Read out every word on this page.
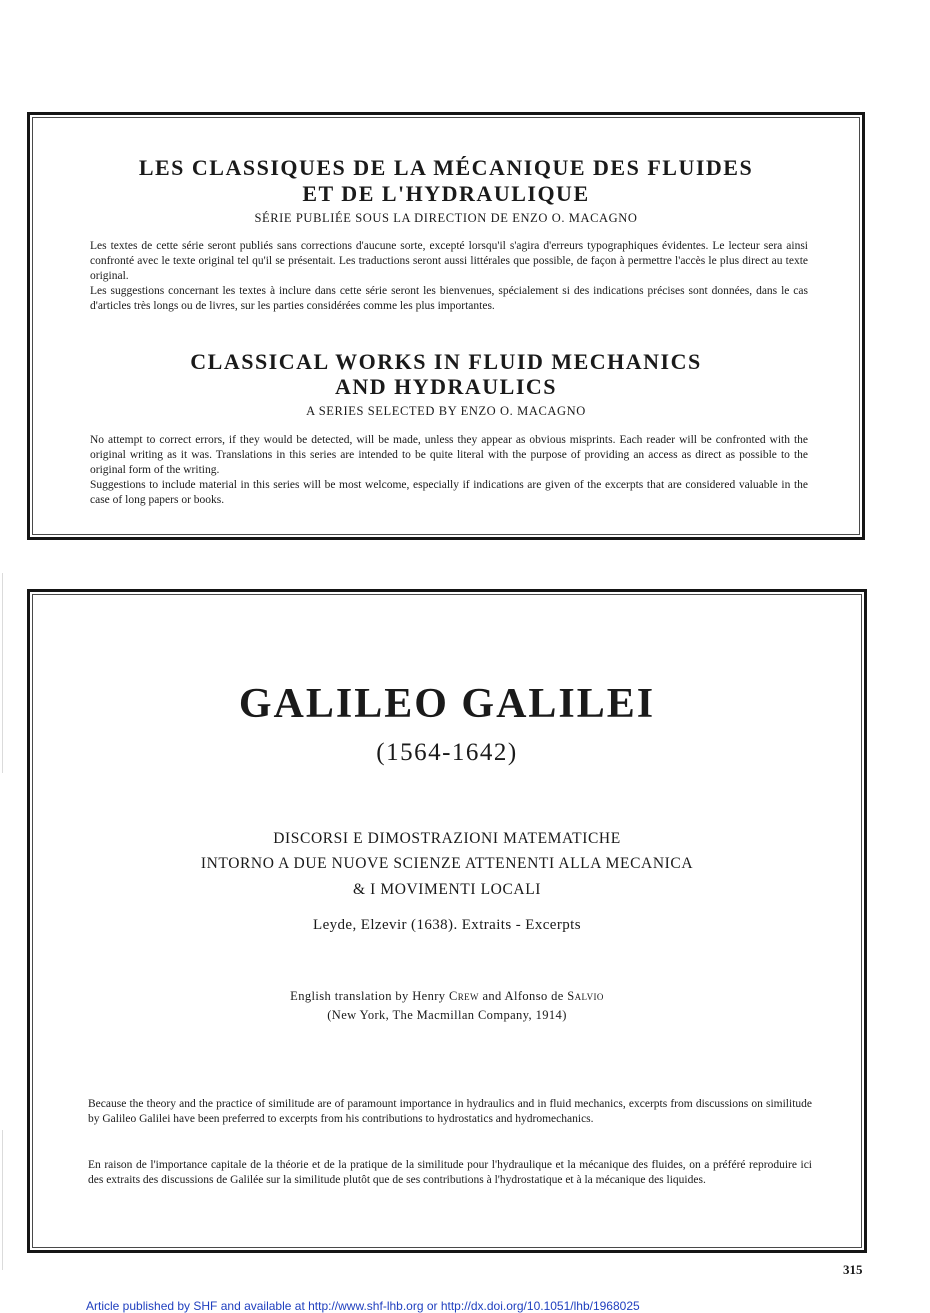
LES CLASSIQUES DE LA MÉCANIQUE DES FLUIDES
ET DE L'HYDRAULIQUE
SÉRIE PUBLIÉE SOUS LA DIRECTION DE ENZO O. MACAGNO
Les textes de cette série seront publiés sans corrections d'aucune sorte, excepté lorsqu'il s'agira d'erreurs typographiques évidentes. Le lecteur sera ainsi confronté avec le texte original tel qu'il se présentait. Les traductions seront aussi littérales que possible, de façon à permettre l'accès le plus direct au texte original.
Les suggestions concernant les textes à inclure dans cette série seront les bienvenues, spécialement si des indications précises sont données, dans le cas d'articles très longs ou de livres, sur les parties considérées comme les plus importantes.
CLASSICAL WORKS IN FLUID MECHANICS
AND HYDRAULICS
A SERIES SELECTED BY ENZO O. MACAGNO
No attempt to correct errors, if they would be detected, will be made, unless they appear as obvious misprints. Each reader will be confronted with the original writing as it was. Translations in this series are intended to be quite literal with the purpose of providing an access as direct as possible to the original form of the writing.
Suggestions to include material in this series will be most welcome, especially if indications are given of the excerpts that are considered valuable in the case of long papers or books.
GALILEO GALILEI
(1564-1642)
DISCORSI E DIMOSTRAZIONI MATEMATICHE
INTORNO A DUE NUOVE SCIENZE ATTENENTI ALLA MECANICA
& I MOVIMENTI LOCALI
Leyde, Elzevir (1638). Extraits - Excerpts
English translation by Henry Crew and Alfonso de Salvio
(New York, The Macmillan Company, 1914)
Because the theory and the practice of similitude are of paramount importance in hydraulics and in fluid mechanics, excerpts from discussions on similitude by Galileo Galilei have been preferred to excerpts from his contributions to hydrostatics and hydromechanics.
En raison de l'importance capitale de la théorie et de la pratique de la similitude pour l'hydraulique et la mécanique des fluides, on a préféré reproduire ici des extraits des discussions de Galilée sur la similitude plutôt que de ses contributions à l'hydrostatique et à la mécanique des liquides.
315
Article published by SHF and available at http://www.shf-lhb.org or http://dx.doi.org/10.1051/lhb/1968025
